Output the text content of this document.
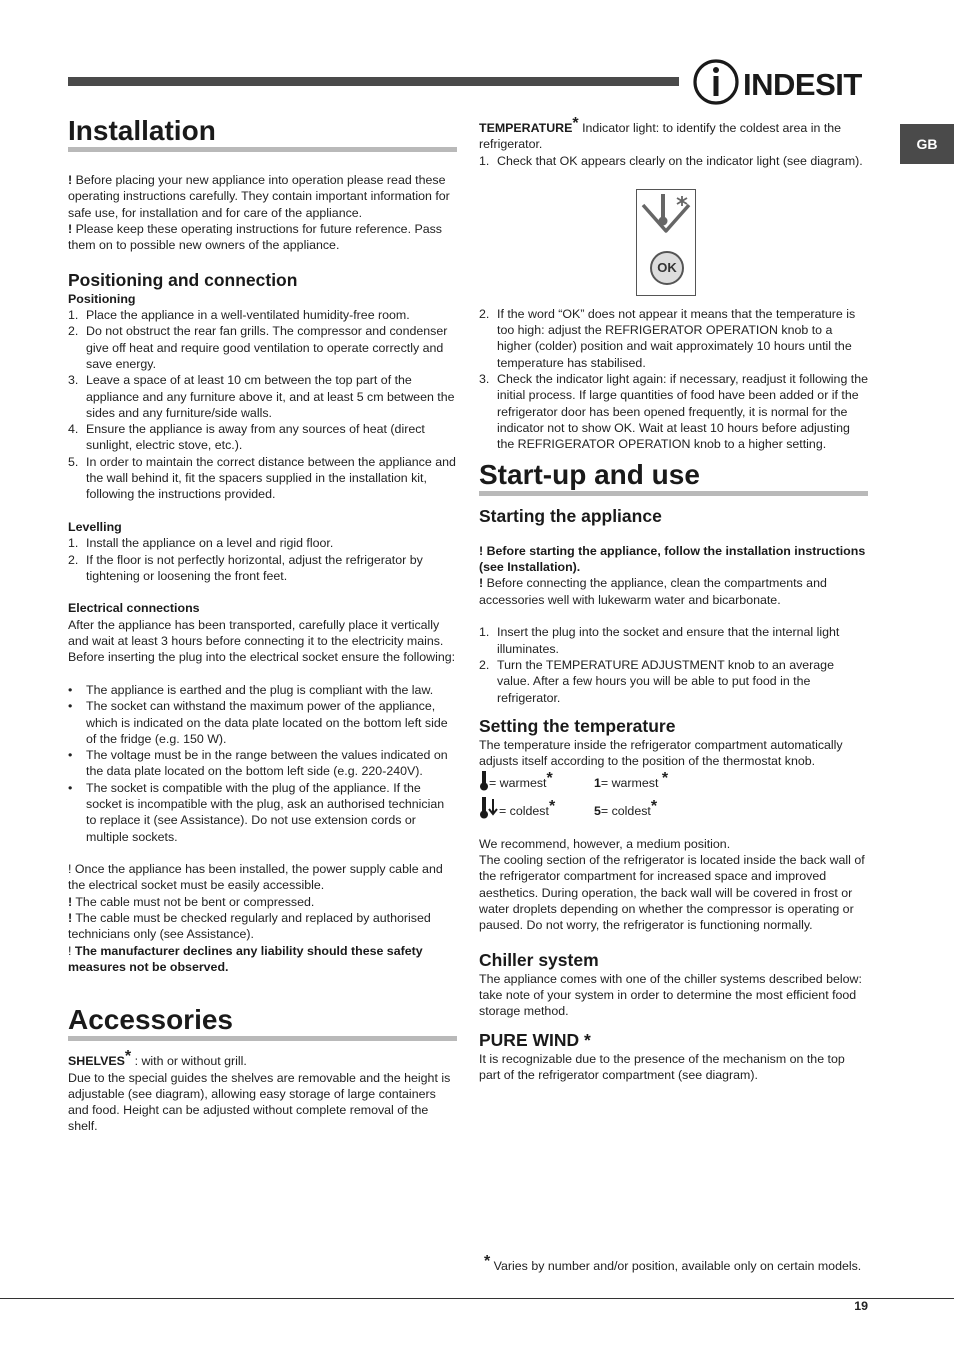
INDESIT
GB
Installation

! Before placing your new appliance into operation please read these operating instructions carefully. They contain important information for safe use, for installation and for care of the appliance.

! Please keep these operating instructions for future reference. Pass them on to possible new owners of the appliance.

Positioning and connection
Positioning
1. Place the appliance in a well-ventilated humidity-free room.
2. Do not obstruct the rear fan grills. The compressor and condenser give off heat and require good ventilation to operate correctly and save energy.
3. Leave a space of at least 10 cm between the top part of the appliance and any furniture above it, and at least 5 cm between the sides and any furniture/side walls.
4. Ensure the appliance is away from any sources of heat (direct sunlight, electric stove, etc.).
5. In order to maintain the correct distance between the appliance and the wall behind it, fit the spacers supplied in the installation kit, following the instructions provided.
Levelling
1. Install the appliance on a level and rigid floor.
2. If the floor is not perfectly horizontal, adjust the refrigerator by tightening or loosening the front feet.
Electrical connections

After the appliance has been transported, carefully place it vertically and wait at least 3 hours before connecting it to the electricity mains. Before inserting the plug into the electrical socket ensure the following:

• The appliance is earthed and the plug is compliant with the law.
• The socket can withstand the maximum power of the appliance, which is indicated on the data plate located on the bottom left side of the fridge (e.g. 150 W).
• The voltage must be in the range between the values indicated on the data plate located on the bottom left side (e.g. 220-240V).
• The socket is compatible with the plug of the appliance. If the socket is incompatible with the plug, ask an authorised technician to replace it (see Assistance). Do not use extension cords or multiple sockets.

! Once the appliance has been installed, the power supply cable and the electrical socket must be easily accessible.

! The cable must not be bent or compressed.

! The cable must be checked regularly and replaced by authorised technicians only (see Assistance).

! The manufacturer declines any liability should these safety measures not be observed.

Accessories

SHELVES* : with or without grill.

Due to the special guides the shelves are removable and the height is adjustable (see diagram), allowing easy storage of large containers and food. Height can be adjusted without complete removal of the shelf.

TEMPERATURE* Indicator light: to identify the coldest area in the refrigerator.

1. Check that OK appears clearly on the indicator light (see diagram).
OK
2. If the word “OK” does not appear it means that the temperature is too high: adjust the REFRIGERATOR OPERATION knob to a higher (colder) position and wait approximately 10 hours until the temperature has stabilised.
3. Check the indicator light again: if necessary, readjust it following the initial process. If large quantities of food have been added or if the refrigerator door has been opened frequently, it is normal for the indicator not to show OK. Wait at least 10 hours before adjusting the REFRIGERATOR OPERATION knob to a higher setting.
Start-up and use
Starting the appliance

! Before starting the appliance, follow the installation instructions (see Installation).

! Before connecting the appliance, clean the compartments and accessories well with lukewarm water and bicarbonate.

1. Insert the plug into the socket and ensure that the internal light illuminates.
2. Turn the TEMPERATURE ADJUSTMENT knob to an average value. After a few hours you will be able to put food in the refrigerator.
Setting the temperature

The temperature inside the refrigerator compartment automatically adjusts itself according to the position of the thermostat knob.

= warmest *	1= warmest *
= coldest *	5= coldest*

We recommend, however, a medium position.

The cooling section of the refrigerator is located inside the back wall of the refrigerator compartment for increased space and improved aesthetics. During operation, the back wall will be covered in frost or water droplets depending on whether the compressor is operating or paused. Do not worry, the refrigerator is functioning normally.

Chiller system

The appliance comes with one of the chiller systems described below: take note of your system in order to determine the most efficient food storage method.

PURE WIND *

It is recognizable due to the presence of the mechanism on the top part of the refrigerator compartment (see diagram).

* Varies by number and/or position, available only on certain models.

19
